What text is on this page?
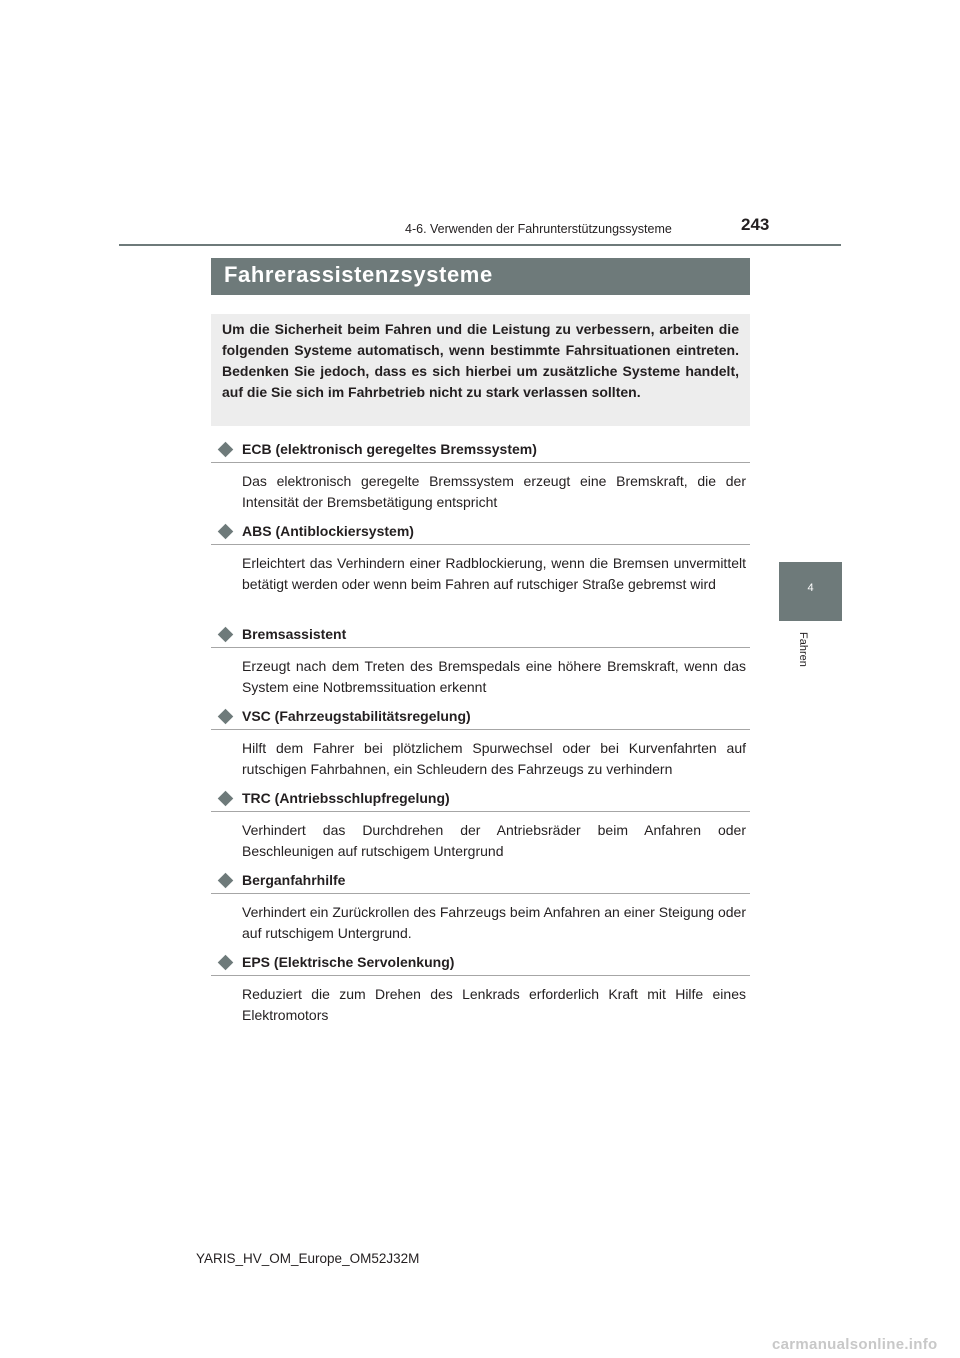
4-6. Verwenden der Fahrunterstützungssysteme	243
4
Fahren
Fahrerassistenzsysteme
Um die Sicherheit beim Fahren und die Leistung zu verbessern, arbeiten die folgenden Systeme automatisch, wenn bestimmte Fahrsituationen eintreten. Bedenken Sie jedoch, dass es sich hierbei um zusätzliche Systeme handelt, auf die Sie sich im Fahrbetrieb nicht zu stark verlassen sollten.
ECB (elektronisch geregeltes Bremssystem)
Das elektronisch geregelte Bremssystem erzeugt eine Bremskraft, die der Intensität der Bremsbetätigung entspricht
ABS (Antiblockiersystem)
Erleichtert das Verhindern einer Radblockierung, wenn die Bremsen unvermittelt betätigt werden oder wenn beim Fahren auf rutschiger Straße gebremst wird
Bremsassistent
Erzeugt nach dem Treten des Bremspedals eine höhere Bremskraft, wenn das System eine Notbremssituation erkennt
VSC (Fahrzeugstabilitätsregelung)
Hilft dem Fahrer bei plötzlichem Spurwechsel oder bei Kurvenfahrten auf rutschigen Fahrbahnen, ein Schleudern des Fahrzeugs zu verhindern
TRC (Antriebsschlupfregelung)
Verhindert das Durchdrehen der Antriebsräder beim Anfahren oder Beschleunigen auf rutschigem Untergrund
Berganfahrhilfe
Verhindert ein Zurückrollen des Fahrzeugs beim Anfahren an einer Steigung oder auf rutschigem Untergrund.
EPS (Elektrische Servolenkung)
Reduziert die zum Drehen des Lenkrads erforderlich Kraft mit Hilfe eines Elektromotors
YARIS_HV_OM_Europe_OM52J32M
carmanualsonline.info
